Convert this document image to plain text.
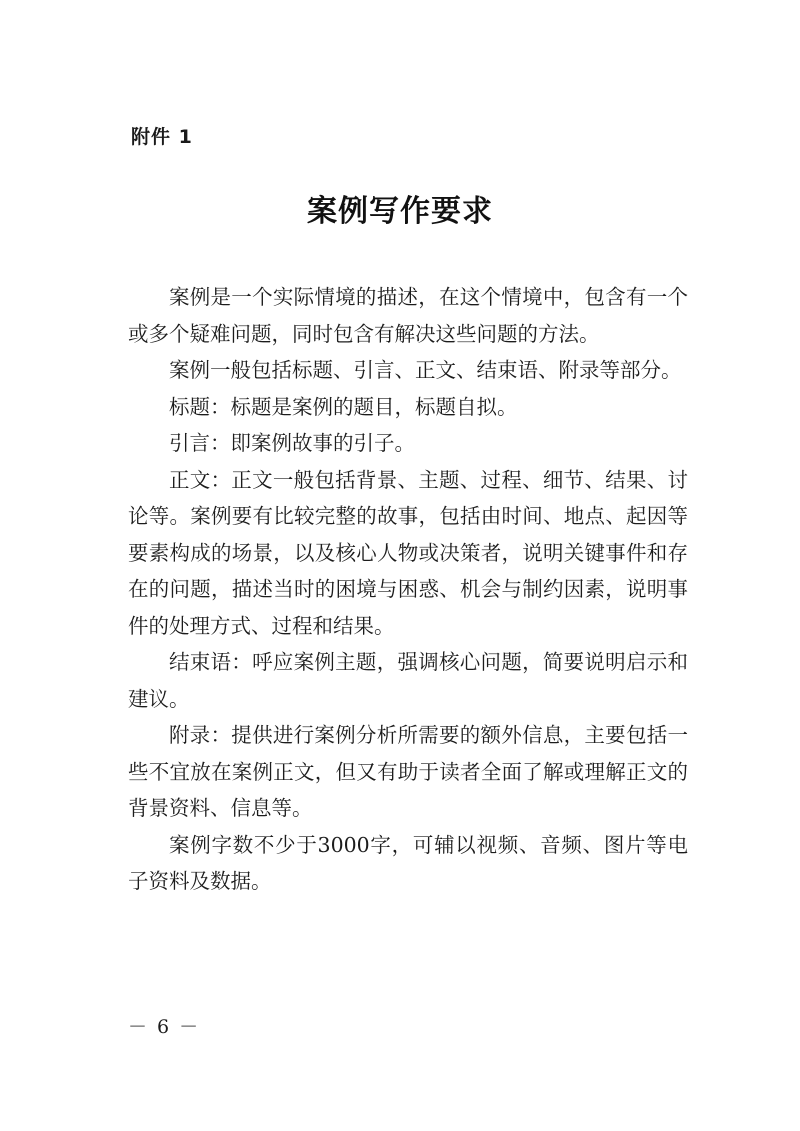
附件 1
案例写作要求

案例是一个实际情境的描述，在这个情境中，包含有一个或多个疑难问题，同时包含有解决这些问题的方法。

案例一般包括标题、引言、正文、结束语、附录等部分。

标题：标题是案例的题目，标题自拟。

引言：即案例故事的引子。

正文：正文一般包括背景、主题、过程、细节、结果、讨论等。案例要有比较完整的故事，包括由时间、地点、起因等要素构成的场景，以及核心人物或决策者，说明关键事件和存在的问题，描述当时的困境与困惑、机会与制约因素，说明事件的处理方式、过程和结果。

结束语：呼应案例主题，强调核心问题，简要说明启示和建议。

附录：提供进行案例分析所需要的额外信息，主要包括一些不宜放在案例正文，但又有助于读者全面了解或理解正文的背景资料、信息等。

案例字数不少于3000字，可辅以视频、音频、图片等电子资料及数据。

－ 6 －
